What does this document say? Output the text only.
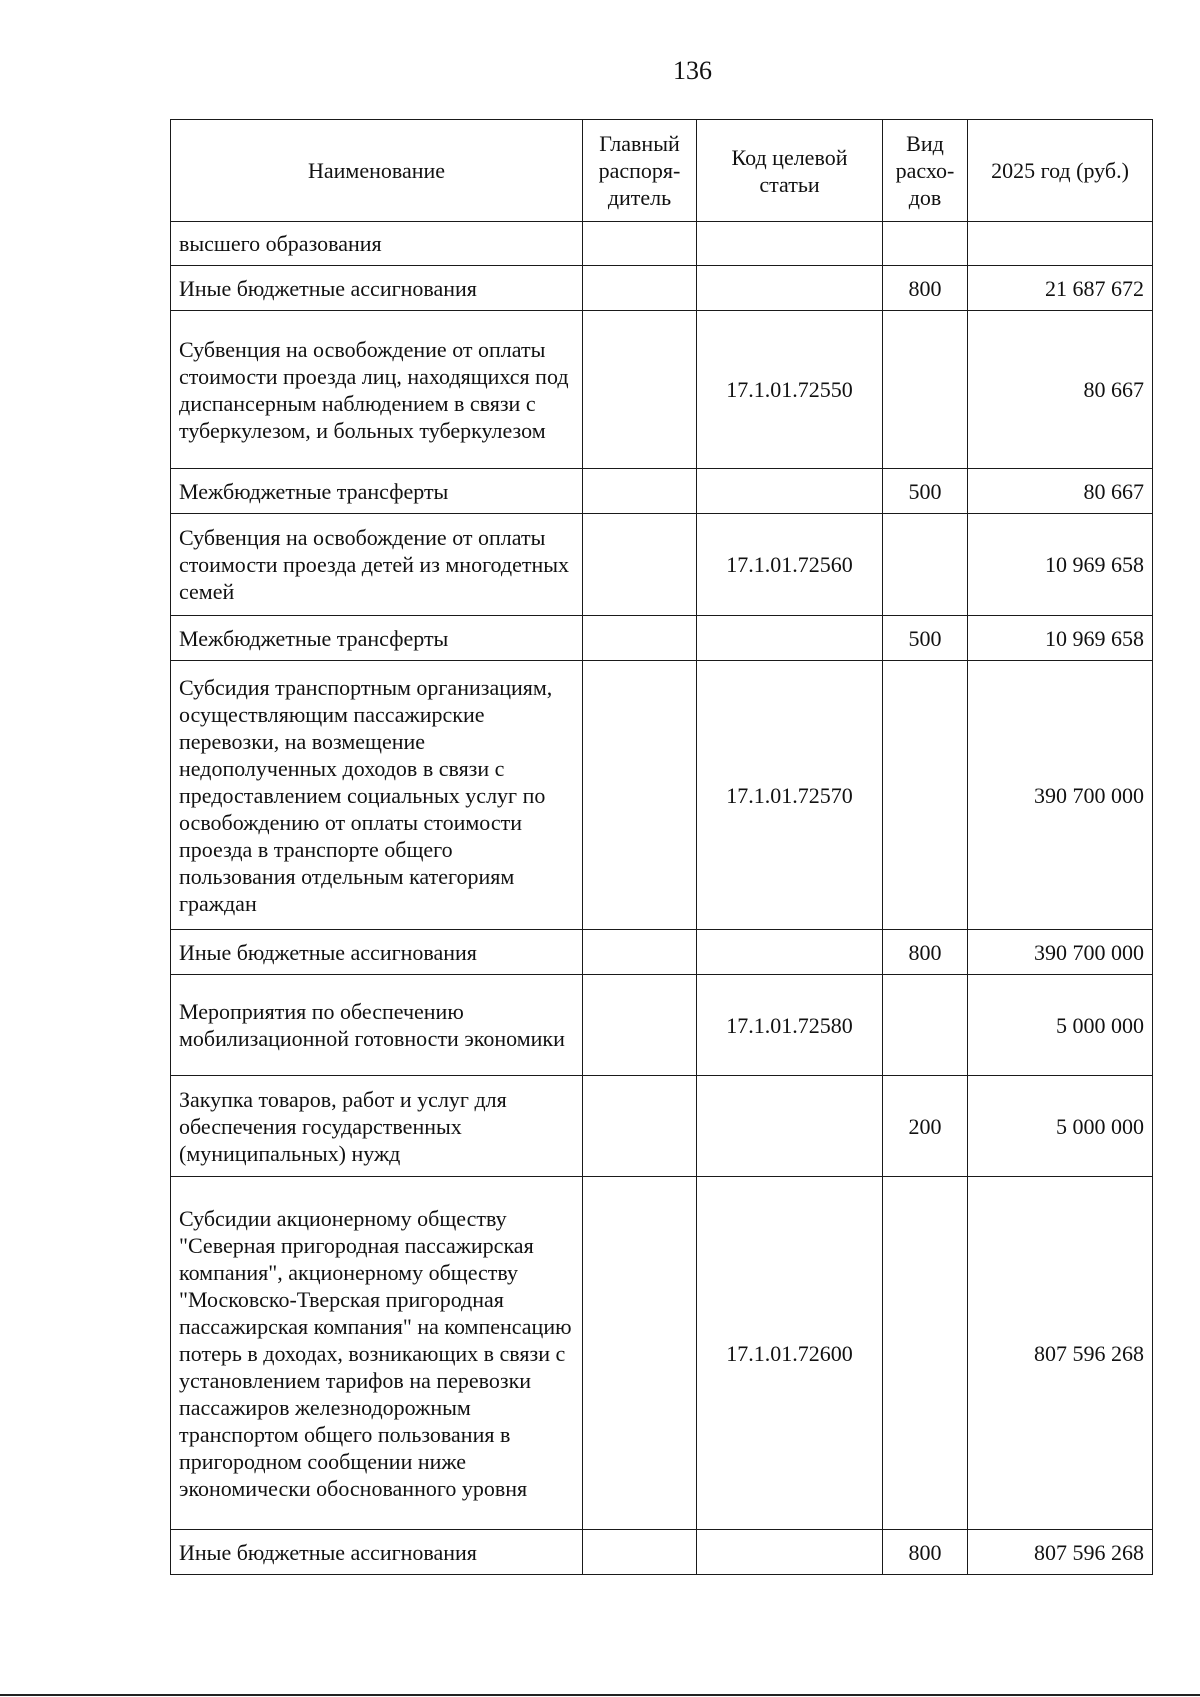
136
Наименование	Главный распоря-дитель	Код целевой статьи	Вид расхо-дов	2025 год (руб.)
высшего образования				
Иные бюджетные ассигнования			800	21 687 672
Субвенция на освобождение от оплаты стоимости проезда лиц, находящихся под диспансерным наблюдением в связи с туберкулезом, и больных туберкулезом		17.1.01.72550		80 667
Межбюджетные трансферты			500	80 667
Субвенция на освобождение от оплаты стоимости проезда детей из многодетных семей		17.1.01.72560		10 969 658
Межбюджетные трансферты			500	10 969 658
Субсидия транспортным организациям, осуществляющим пассажирские перевозки, на возмещение недополученных доходов в связи с предоставлением социальных услуг по освобождению от оплаты стоимости проезда в транспорте общего пользования отдельным категориям граждан		17.1.01.72570		390 700 000
Иные бюджетные ассигнования			800	390 700 000
Мероприятия по обеспечению мобилизационной готовности экономики		17.1.01.72580		5 000 000
Закупка товаров, работ и услуг для обеспечения государственных (муниципальных) нужд			200	5 000 000
Субсидии акционерному обществу "Северная пригородная пассажирская компания", акционерному обществу "Московско-Тверская пригородная пассажирская компания" на компенсацию потерь в доходах, возникающих в связи с установлением тарифов на перевозки пассажиров железнодорожным транспортом общего пользования в пригородном сообщении ниже экономически обоснованного уровня		17.1.01.72600		807 596 268
Иные бюджетные ассигнования			800	807 596 268
